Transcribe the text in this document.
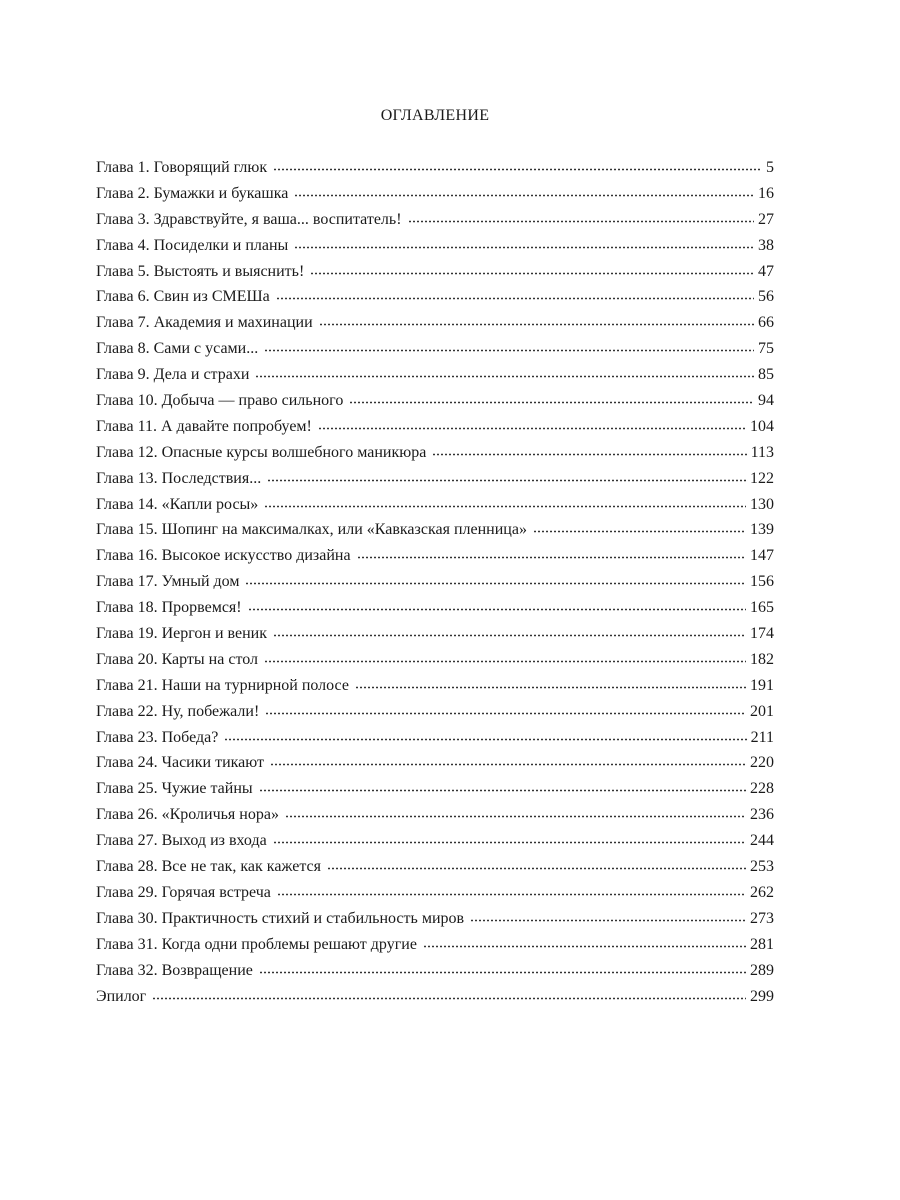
ОГЛАВЛЕНИЕ
Глава 1. Говорящий глюк	5
Глава 2. Бумажки и букашка	16
Глава 3. Здравствуйте, я ваша... воспитатель!	27
Глава 4. Посиделки и планы	38
Глава 5. Выстоять и выяснить!	47
Глава 6. Свин из СМЕШа	56
Глава 7. Академия и махинации	66
Глава 8. Сами с усами...	75
Глава 9. Дела и страхи	85
Глава 10. Добыча — право сильного	94
Глава 11. А давайте попробуем!	104
Глава 12. Опасные курсы волшебного маникюра	113
Глава 13. Последствия...	122
Глава 14. «Капли росы»	130
Глава 15. Шопинг на максималках, или «Кавказская пленница»	139
Глава 16. Высокое искусство дизайна	147
Глава 17. Умный дом	156
Глава 18. Прорвемся!	165
Глава 19. Иергон и веник	174
Глава 20. Карты на стол	182
Глава 21. Наши на турнирной полосе	191
Глава 22. Ну, побежали!	201
Глава 23. Победа?	211
Глава 24. Часики тикают	220
Глава 25. Чужие тайны	228
Глава 26. «Кроличья нора»	236
Глава 27. Выход из входа	244
Глава 28. Все не так, как кажется	253
Глава 29. Горячая встреча	262
Глава 30. Практичность стихий и стабильность миров	273
Глава 31. Когда одни проблемы решают другие	281
Глава 32. Возвращение	289
Эпилог	299
